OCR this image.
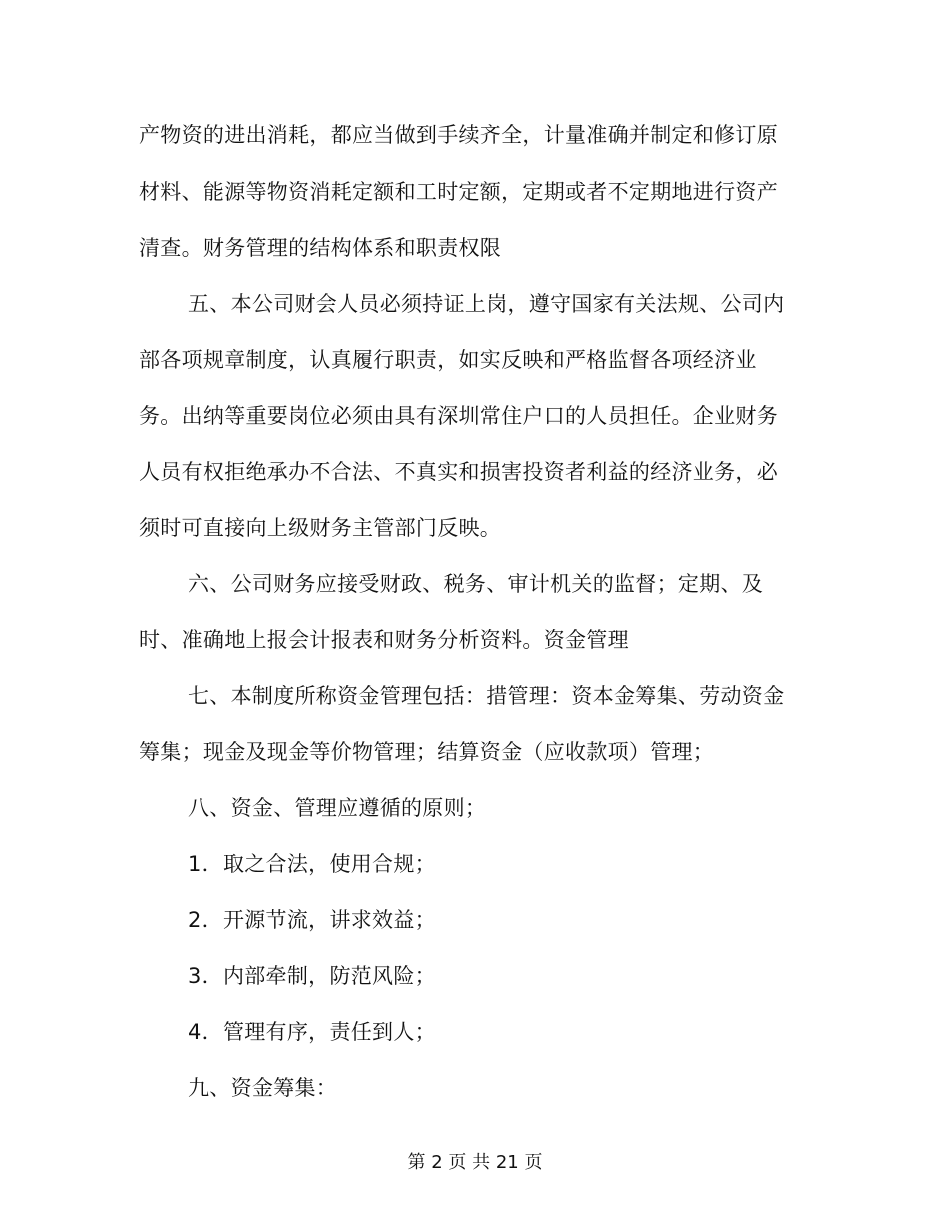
产物资的进出消耗，都应当做到手续齐全，计量准确并制定和修订原
材料、能源等物资消耗定额和工时定额，定期或者不定期地进行资产
清查。财务管理的结构体系和职责权限
五、本公司财会人员必须持证上岗，遵守国家有关法规、公司内
部各项规章制度，认真履行职责，如实反映和严格监督各项经济业
务。出纳等重要岗位必须由具有深圳常住户口的人员担任。企业财务
人员有权拒绝承办不合法、不真实和损害投资者利益的经济业务，必
须时可直接向上级财务主管部门反映。
六、公司财务应接受财政、税务、审计机关的监督；定期、及
时、准确地上报会计报表和财务分析资料。资金管理
七、本制度所称资金管理包括：措管理：资本金筹集、劳动资金
筹集；现金及现金等价物管理；结算资金（应收款项）管理；
八、资金、管理应遵循的原则；
1．取之合法，使用合规；
2．开源节流，讲求效益；
3．内部牵制，防范风险；
4．管理有序，责任到人；
九、资金筹集：
第 2 页 共 21 页
